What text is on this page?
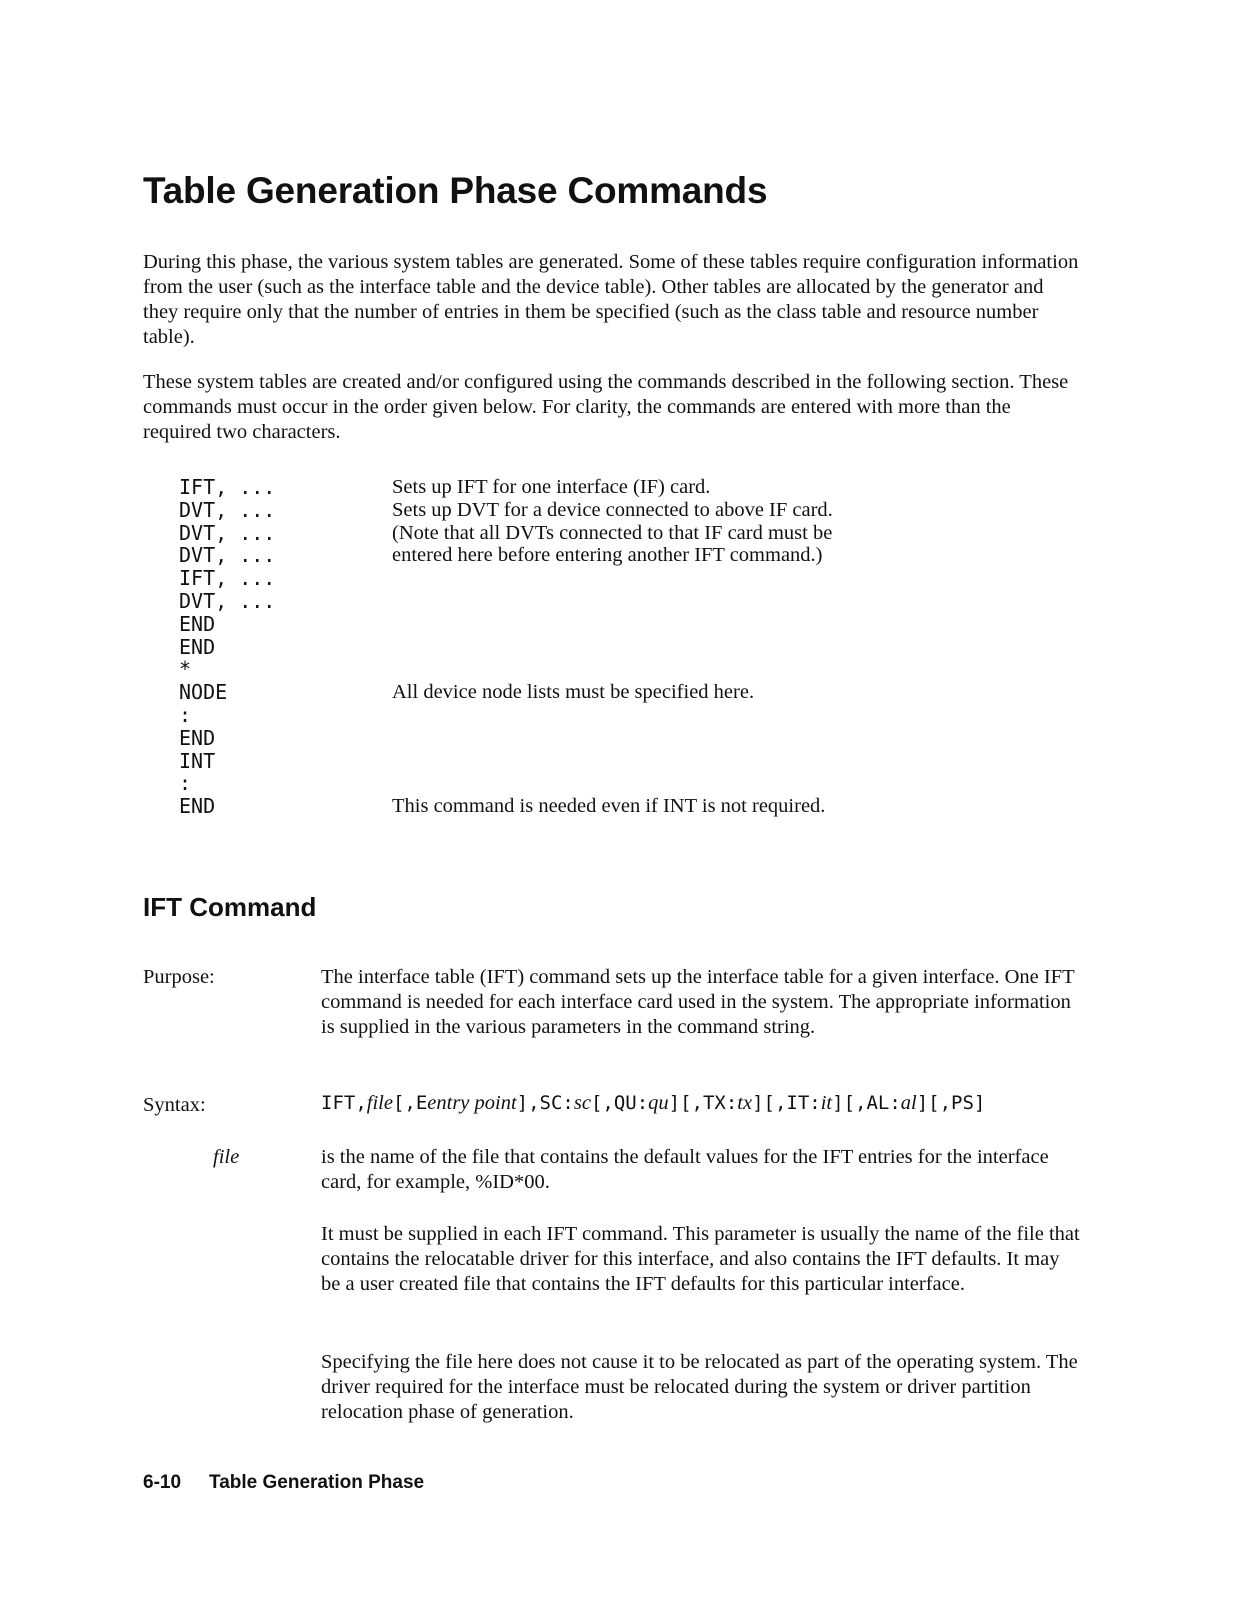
Table Generation Phase Commands
During this phase, the various system tables are generated. Some of these tables require configuration information from the user (such as the interface table and the device table). Other tables are allocated by the generator and they require only that the number of entries in them be specified (such as the class table and resource number table).
These system tables are created and/or configured using the commands described in the following section. These commands must occur in the order given below. For clarity, the commands are entered with more than the required two characters.
IFT, ...	Sets up IFT for one interface (IF) card.
DVT, ...	Sets up DVT for a device connected to above IF card.
DVT, ...	(Note that all DVTs connected to that IF card must be
DVT, ...	entered here before entering another IFT command.)
IFT, ...
DVT, ...
END
END
*
NODE	All device node lists must be specified here.
:
END
INT
:
END	This command is needed even if INT is not required.
IFT Command
Purpose:	The interface table (IFT) command sets up the interface table for a given interface. One IFT command is needed for each interface card used in the system. The appropriate information is supplied in the various parameters in the command string.
Syntax:	IFT,file[,Eentry point],SC:sc[,QU:qu][,TX:tx][,IT:it][,AL:al][,PS]
file	is the name of the file that contains the default values for the IFT entries for the interface card, for example, %ID*00.
It must be supplied in each IFT command. This parameter is usually the name of the file that contains the relocatable driver for this interface, and also contains the IFT defaults. It may be a user created file that contains the IFT defaults for this particular interface.
Specifying the file here does not cause it to be relocated as part of the operating system. The driver required for the interface must be relocated during the system or driver partition relocation phase of generation.
6-10 Table Generation Phase
